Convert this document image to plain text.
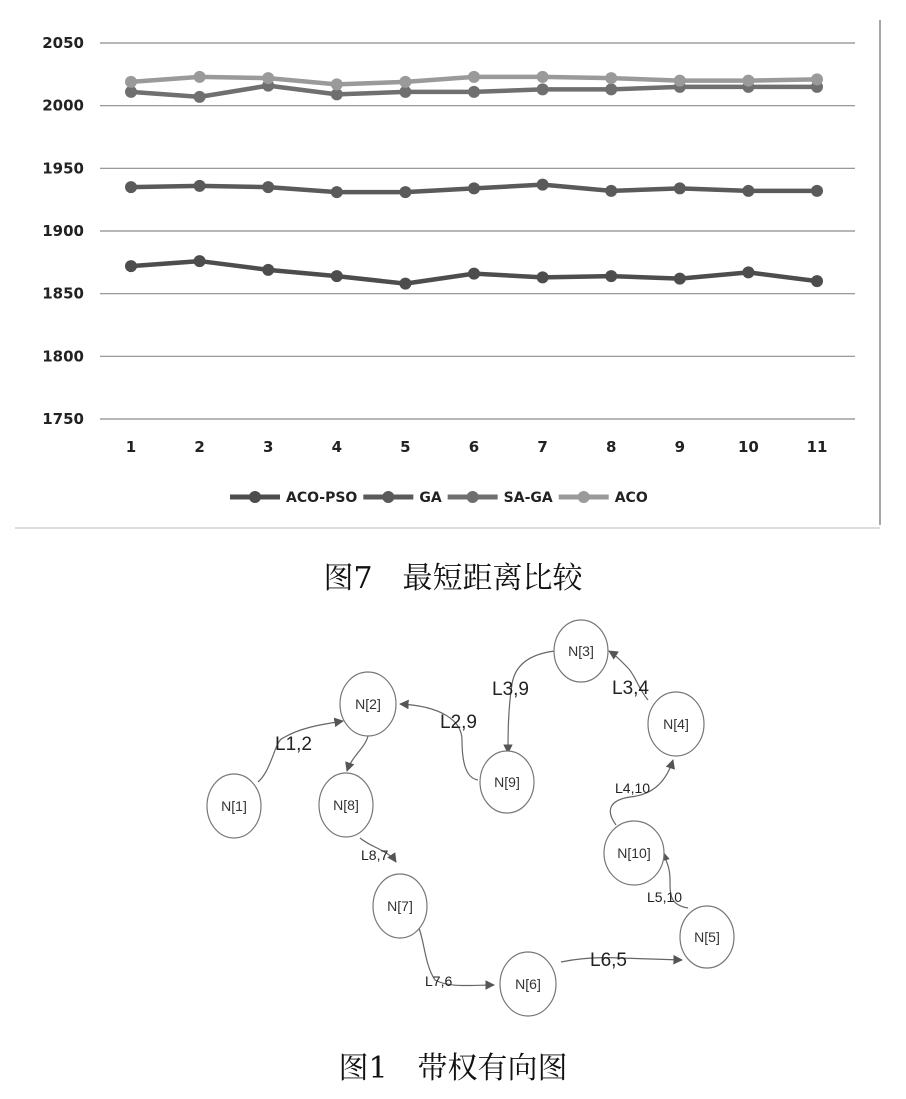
2050
2000
1950
1900
1850
1800
1750
1	2	3	4	5	6	7	8	9	10	11
ACO-PSO	GA	SA-GA	ACO
图7　最短距离比较
L1,2
L2,9
L3,9	L3,4
L4,10
L8,7
L5,10
L7,6
L6,5
N[1]
N[2]
N[3]
N[4]
N[5]
N[6]
N[7]
N[8]
N[9]
N[10]
图1　带权有向图
